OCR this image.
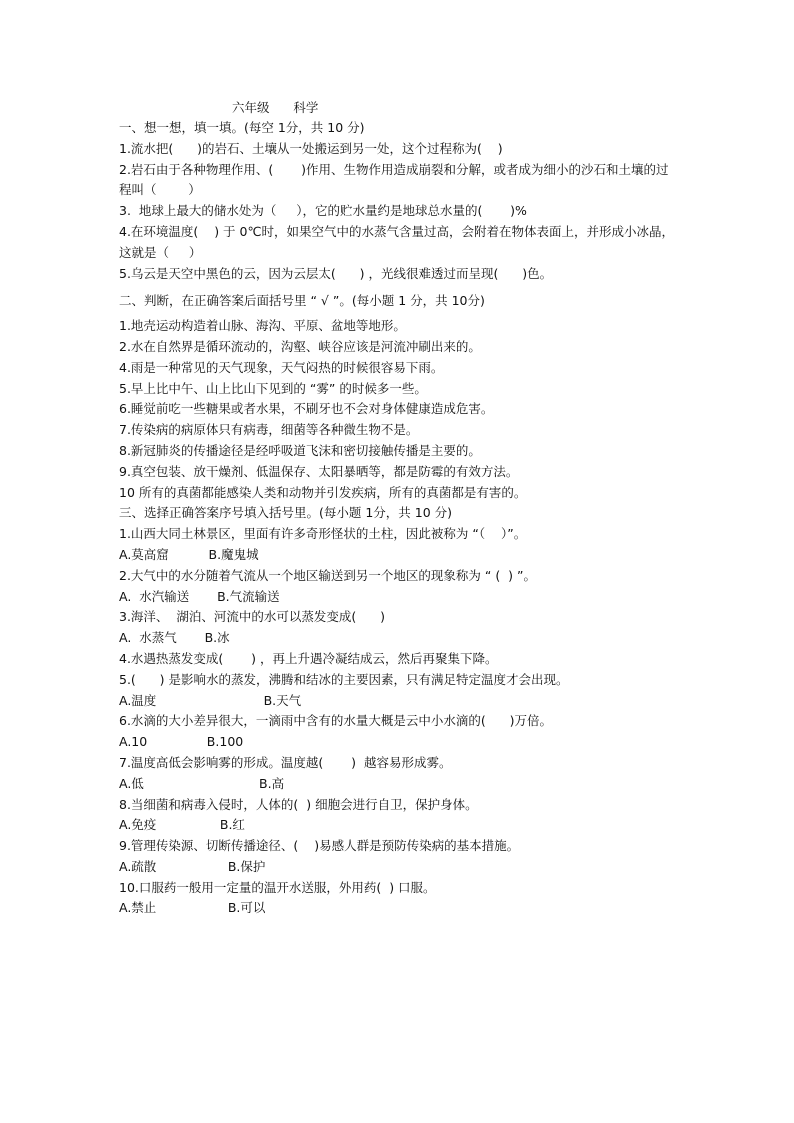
六年级      科学

一、想一想，填一填。(每空 1分，共 10 分)

1.流水把(      )的岩石、土壤从一处搬运到另一处，这个过程称为(    )

2.岩石由于各种物理作用、(       )作用、生物作用造成崩裂和分解，或者成为细小的沙石和土壤的过程叫（        ）

3.  地球上最大的储水处为（     ），它的贮水量约是地球总水量的(       )%

4.在环境温度(    ) 于 0℃时，如果空气中的水蒸气含量过高，会附着在物体表面上，并形成小冰晶，这就是（     ）

5.乌云是天空中黑色的云，因为云层太(      ) ，光线很难透过而呈现(      )色。

二、判断，在正确答案后面括号里 “ √ ”。(每小题 1 分，共 10分)

1.地壳运动构造着山脉、海沟、平原、盆地等地形。

2.水在自然界是循环流动的，沟壑、峡谷应该是河流冲刷出来的。

4.雨是一种常见的天气现象，天气闷热的时候很容易下雨。

5.早上比中午、山上比山下见到的 “雾” 的时候多一些。

6.睡觉前吃一些糖果或者水果，不刷牙也不会对身体健康造成危害。

7.传染病的病原体只有病毒，细菌等各种微生物不是。

8.新冠肺炎的传播途径是经呼吸道飞沫和密切接触传播是主要的。

9.真空包装、放干燥剂、低温保存、太阳暴晒等，都是防霉的有效方法。

10 所有的真菌都能感染人类和动物并引发疾病，所有的真菌都是有害的。

三、选择正确答案序号填入括号里。(每小题 1分，共 10 分)

1.山西大同土林景区，里面有许多奇形怪状的土柱，因此被称为 “（    ）”。

A.莫高窟          B.魔鬼城

2.大气中的水分随着气流从一个地区输送到另一个地区的现象称为 “ (  ) ”。

A.  水汽输送       B.气流输送

3.海洋、  湖泊、河流中的水可以蒸发变成(      )

A.  水蒸气       B.冰

4.水遇热蒸发变成(       ) ，再上升遇冷凝结成云，然后再聚集下降。

5.(      ) 是影响水的蒸发，沸腾和结冰的主要因素，只有满足特定温度才会出现。

A.温度                           B.天气

6.水滴的大小差异很大，一滴雨中含有的水量大概是云中小水滴的(      )万倍。

A.10               B.100

7.温度高低会影响雾的形成。温度越(       )  越容易形成雾。

A.低                             B.高

8.当细菌和病毒入侵时，人体的(  ) 细胞会进行自卫，保护身体。

A.免疫                B.红

9.管理传染源、切断传播途径、(    )易感人群是预防传染病的基本措施。

A.疏散                  B.保护

10.口服药一般用一定量的温开水送服，外用药(  ) 口服。

A.禁止                  B.可以
